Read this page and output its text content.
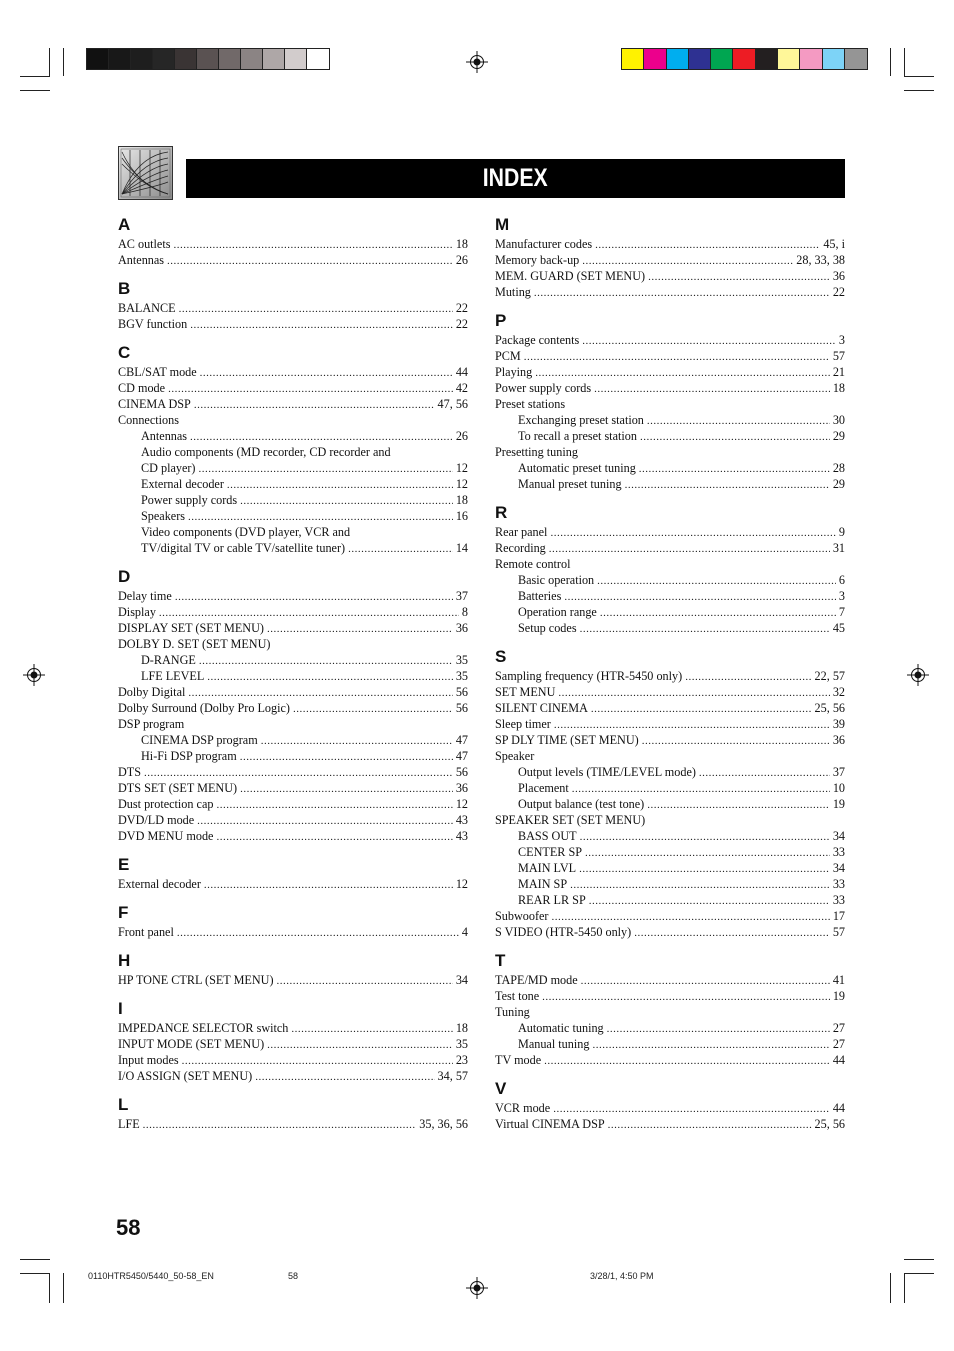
INDEX
A
AC outlets .....	18
Antennas .....	26
B
BALANCE .....	22
BGV function .....	22
C
CBL/SAT mode .....	44
CD mode .....	42
CINEMA DSP .....	47, 56
Connections
Antennas .....	26
Audio components (MD recorder, CD recorder and
CD player) .....	12
External decoder .....	12
Power supply cords .....	18
Speakers .....	16
Video components (DVD player, VCR and
TV/digital TV or cable TV/satellite tuner) .....	14
D
Delay time .....	37
Display .....	8
DISPLAY SET (SET MENU) .....	36
DOLBY D. SET (SET MENU)
D-RANGE .....	35
LFE LEVEL .....	35
Dolby Digital .....	56
Dolby Surround (Dolby Pro Logic) .....	56
DSP program
CINEMA DSP program .....	47
Hi-Fi DSP program .....	47
DTS .....	56
DTS SET (SET MENU) .....	36
Dust protection cap .....	12
DVD/LD mode .....	43
DVD MENU mode .....	43
E
External decoder .....	12
F
Front panel .....	4
H
HP TONE CTRL (SET MENU) .....	34
I
IMPEDANCE SELECTOR switch .....	18
INPUT MODE (SET MENU) .....	35
Input modes .....	23
I/O ASSIGN (SET MENU) .....	34, 57
L
LFE .....	35, 36, 56
M
Manufacturer codes .....	45, i
Memory back-up .....	28, 33, 38
MEM. GUARD (SET MENU) .....	36
Muting .....	22
P
Package contents .....	3
PCM .....	57
Playing .....	21
Power supply cords .....	18
Preset stations
Exchanging preset station .....	30
To recall a preset station .....	29
Presetting tuning
Automatic preset tuning .....	28
Manual preset tuning .....	29
R
Rear panel .....	9
Recording .....	31
Remote control
Basic operation .....	6
Batteries .....	3
Operation range .....	7
Setup codes .....	45
S
Sampling frequency (HTR-5450 only) .....	22, 57
SET MENU .....	32
SILENT CINEMA .....	25, 56
Sleep timer .....	39
SP DLY TIME (SET MENU) .....	36
Speaker
Output levels (TIME/LEVEL mode) .....	37
Placement .....	10
Output balance (test tone) .....	19
SPEAKER SET (SET MENU)
BASS OUT .....	34
CENTER SP .....	33
MAIN LVL .....	34
MAIN SP .....	33
REAR LR SP .....	33
Subwoofer .....	17
S VIDEO (HTR-5450 only) .....	57
T
TAPE/MD mode .....	41
Test tone .....	19
Tuning
Automatic tuning .....	27
Manual tuning .....	27
TV mode .....	44
V
VCR mode .....	44
Virtual CINEMA DSP .....	25, 56
58
0110HTR5450/5440_50-58_EN	58	3/28/1, 4:50 PM
